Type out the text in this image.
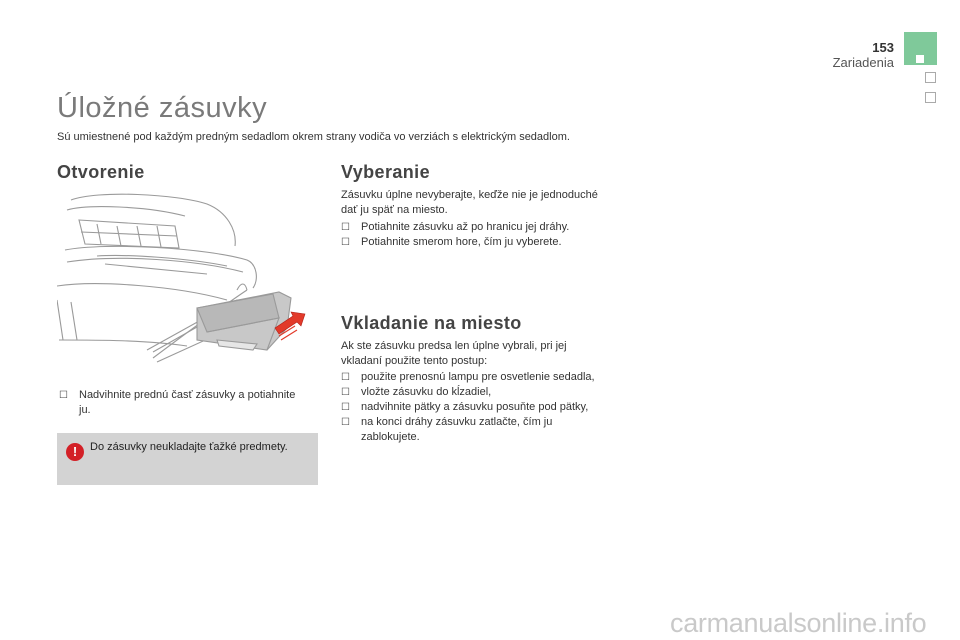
153
Zariadenia
Úložné zásuvky
Sú umiestnené pod každým predným sedadlom okrem strany vodiča vo verziách s elektrickým sedadlom.
Otvorenie
☐ Nadvihnite prednú časť zásuvky a potiahnite ju.
!	Do zásuvky neukladajte ťažké predmety.
Vyberanie
Zásuvku úplne nevyberajte, keďže nie je jednoduché dať ju späť na miesto.
☐ Potiahnite zásuvku až po hranicu jej dráhy.
☐ Potiahnite smerom hore, čím ju vyberete.
Vkladanie na miesto
Ak ste zásuvku predsa len úplne vybrali, pri jej vkladaní použite tento postup:
☐ použite prenosnú lampu pre osvetlenie sedadla,
☐ vložte zásuvku do kĺzadiel,
☐ nadvihnite pätky a zásuvku posuňte pod pätky,
☐ na konci dráhy zásuvku zatlačte, čím ju zablokujete.
carmanualsonline.info
